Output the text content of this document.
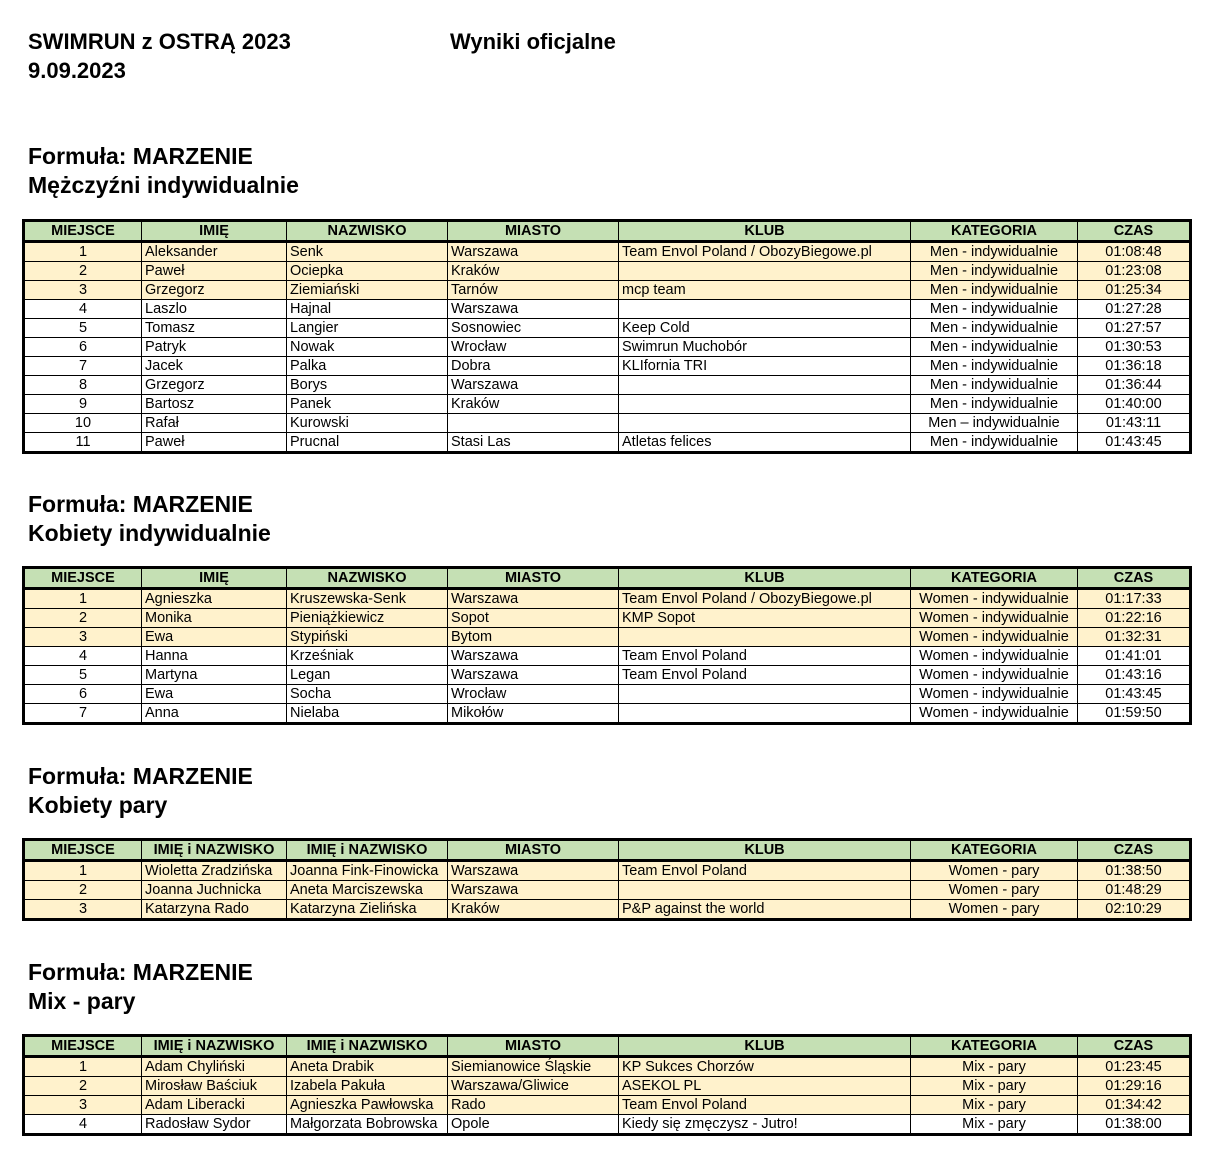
SWIMRUN z OSTRĄ 2023
9.09.2023
Wyniki oficjalne
Formuła: MARZENIE
Mężczyźni indywidualnie
MIEJSCE	IMIĘ	NAZWISKO	MIASTO	KLUB	KATEGORIA	CZAS
1	Aleksander	Senk	Warszawa	Team Envol Poland / ObozyBiegowe.pl	Men - indywidualnie	01:08:48
2	Paweł	Ociepka	Kraków		Men - indywidualnie	01:23:08
3	Grzegorz	Ziemiański	Tarnów	mcp team	Men - indywidualnie	01:25:34
4	Laszlo	Hajnal	Warszawa		Men - indywidualnie	01:27:28
5	Tomasz	Langier	Sosnowiec	Keep Cold	Men - indywidualnie	01:27:57
6	Patryk	Nowak	Wrocław	Swimrun Muchobór	Men - indywidualnie	01:30:53
7	Jacek	Palka	Dobra	KLIfornia TRI	Men - indywidualnie	01:36:18
8	Grzegorz	Borys	Warszawa		Men - indywidualnie	01:36:44
9	Bartosz	Panek	Kraków		Men - indywidualnie	01:40:00
10	Rafał	Kurowski			Men – indywidualnie	01:43:11
11	Paweł	Prucnal	Stasi Las	Atletas felices	Men - indywidualnie	01:43:45
Formuła: MARZENIE
Kobiety indywidualnie
MIEJSCE	IMIĘ	NAZWISKO	MIASTO	KLUB	KATEGORIA	CZAS
1	Agnieszka	Kruszewska-Senk	Warszawa	Team Envol Poland / ObozyBiegowe.pl	Women - indywidualnie	01:17:33
2	Monika	Pieniążkiewicz	Sopot	KMP Sopot	Women - indywidualnie	01:22:16
3	Ewa	Stypiński	Bytom		Women - indywidualnie	01:32:31
4	Hanna	Krześniak	Warszawa	Team Envol Poland	Women - indywidualnie	01:41:01
5	Martyna	Legan	Warszawa	Team Envol Poland	Women - indywidualnie	01:43:16
6	Ewa	Socha	Wrocław		Women - indywidualnie	01:43:45
7	Anna	Nielaba	Mikołów		Women - indywidualnie	01:59:50
Formuła: MARZENIE
Kobiety pary
MIEJSCE	IMIĘ i NAZWISKO	IMIĘ i NAZWISKO	MIASTO	KLUB	KATEGORIA	CZAS
1	Wioletta Zradzińska	Joanna Fink-Finowicka	Warszawa	Team Envol Poland	Women - pary	01:38:50
2	Joanna Juchnicka	Aneta Marciszewska	Warszawa		Women - pary	01:48:29
3	Katarzyna Rado	Katarzyna Zielińska	Kraków	P&P against the world	Women - pary	02:10:29
Formuła: MARZENIE
Mix - pary
MIEJSCE	IMIĘ i NAZWISKO	IMIĘ i NAZWISKO	MIASTO	KLUB	KATEGORIA	CZAS
1	Adam Chyliński	Aneta Drabik	Siemianowice Śląskie	KP Sukces Chorzów	Mix - pary	01:23:45
2	Mirosław Baściuk	Izabela Pakuła	Warszawa/Gliwice	ASEKOL PL	Mix - pary	01:29:16
3	Adam Liberacki	Agnieszka Pawłowska	Rado	Team Envol Poland	Mix - pary	01:34:42
4	Radosław Sydor	Małgorzata Bobrowska	Opole	Kiedy się zmęczysz - Jutro!	Mix - pary	01:38:00
